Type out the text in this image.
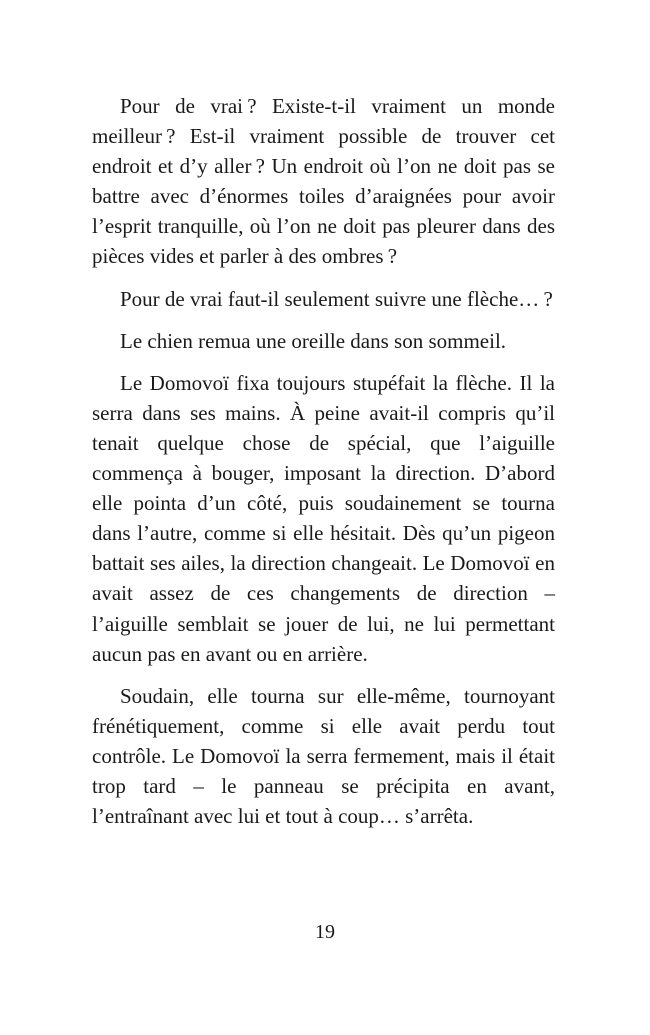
Pour de vrai ? Existe-t-il vraiment un monde meilleur ? Est-il vraiment possible de trouver cet endroit et d’y aller ? Un endroit où l’on ne doit pas se battre avec d’énormes toiles d’araignées pour avoir l’esprit tranquille, où l’on ne doit pas pleurer dans des pièces vides et parler à des ombres ?

Pour de vrai faut-il seulement suivre une flèche… ?

Le chien remua une oreille dans son sommeil.

Le Domovoï fixa toujours stupéfait la flèche. Il la serra dans ses mains. À peine avait-il compris qu’il tenait quelque chose de spécial, que l’aiguille commença à bouger, imposant la direction. D’abord elle pointa d’un côté, puis soudainement se tourna dans l’autre, comme si elle hésitait. Dès qu’un pigeon battait ses ailes, la direction changeait. Le Domovoï en avait assez de ces changements de direction – l’aiguille semblait se jouer de lui, ne lui permettant aucun pas en avant ou en arrière.

Soudain, elle tourna sur elle-même, tournoyant frénétiquement, comme si elle avait perdu tout contrôle. Le Domovoï la serra fermement, mais il était trop tard – le panneau se précipita en avant, l’entraînant avec lui et tout à coup… s’arrêta.

19
